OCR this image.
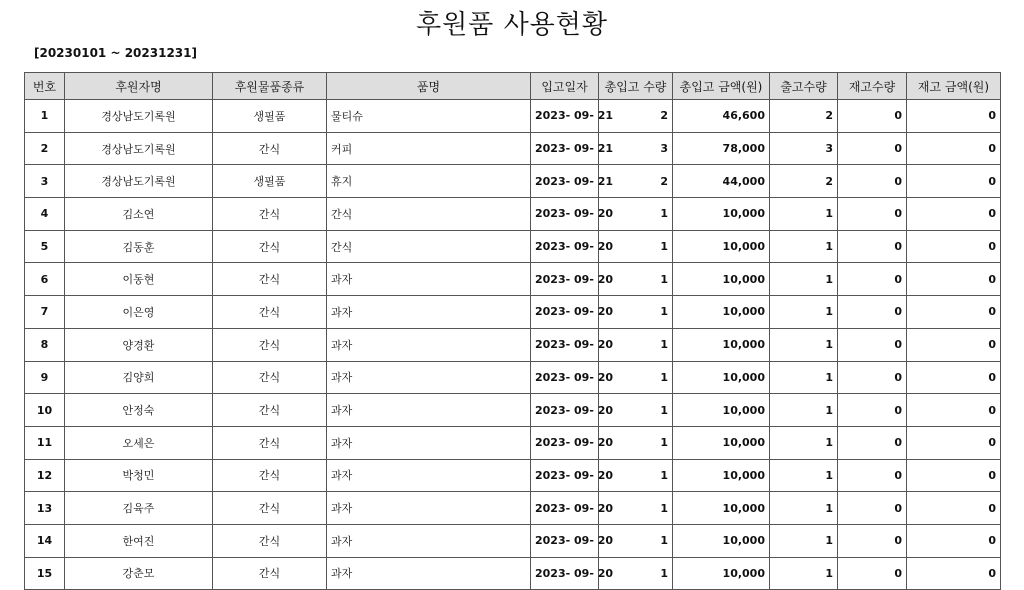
후원품 사용현황
[20230101 ~ 20231231]
번호	후원자명	후원물품종류	품명	입고일자	총입고 수량	총입고 금액(원)	출고수량	재고수량	재고 금액(원)
1	경상남도기록원	생필품	물티슈	2023- 09- 21	2	46,600	2	0	0
2	경상남도기록원	간식	커피	2023- 09- 21	3	78,000	3	0	0
3	경상남도기록원	생필품	휴지	2023- 09- 21	2	44,000	2	0	0
4	김소연	간식	간식	2023- 09- 20	1	10,000	1	0	0
5	김동훈	간식	간식	2023- 09- 20	1	10,000	1	0	0
6	이동현	간식	과자	2023- 09- 20	1	10,000	1	0	0
7	이은영	간식	과자	2023- 09- 20	1	10,000	1	0	0
8	양경환	간식	과자	2023- 09- 20	1	10,000	1	0	0
9	김양희	간식	과자	2023- 09- 20	1	10,000	1	0	0
10	안정숙	간식	과자	2023- 09- 20	1	10,000	1	0	0
11	오세은	간식	과자	2023- 09- 20	1	10,000	1	0	0
12	박청민	간식	과자	2023- 09- 20	1	10,000	1	0	0
13	김육주	간식	과자	2023- 09- 20	1	10,000	1	0	0
14	한여진	간식	과자	2023- 09- 20	1	10,000	1	0	0
15	강춘모	간식	과자	2023- 09- 20	1	10,000	1	0	0
